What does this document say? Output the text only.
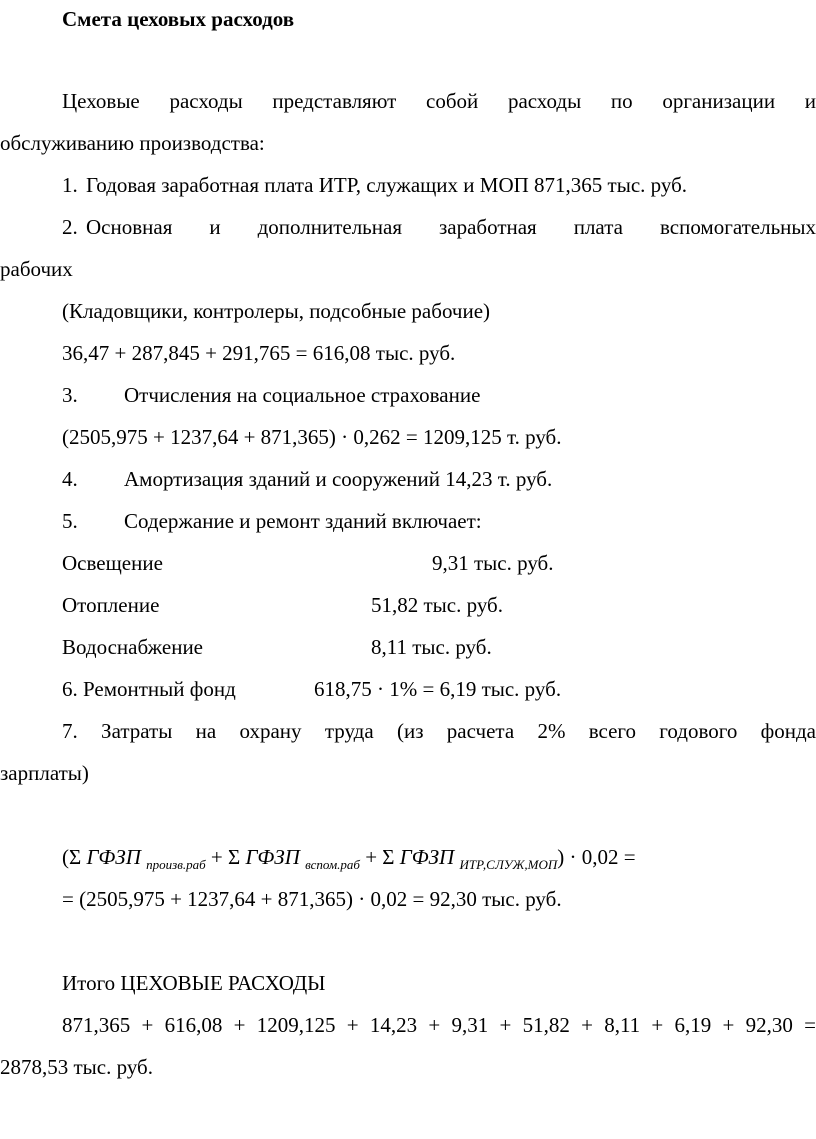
Смета цеховых расходов
Цеховые расходы представляют собой расходы по организации и
обслуживанию производства:
1. Годовая заработная плата ИТР, служащих и МОП 871,365 тыс. руб.
2. Основная и дополнительная заработная плата вспомогательных
рабочих
(Кладовщики, контролеры, подсобные рабочие)
36,47 + 287,845 + 291,765 = 616,08 тыс. руб.
3. Отчисления на социальное страхование
(2505,975 + 1237,64 + 871,365) · 0,262 = 1209,125 т. руб.
4. Амортизация зданий и сооружений 14,23 т. руб.
5. Содержание и ремонт зданий включает:
Освещение	9,31 тыс. руб.
Отопление	51,82 тыс. руб.
Водоснабжение	8,11 тыс. руб.
6. Ремонтный фонд	618,75 · 1% = 6,19 тыс. руб.
7. Затраты на охрану труда (из расчета 2% всего годового фонда
зарплаты)
(Σ ГФЗП $_{произв.раб}$ + Σ ГФЗП $_{вспом.раб}$ + Σ ГФЗП $_{ИТР,СЛУЖ,МОП}$) · 0,02 =
= (2505,975 + 1237,64 + 871,365) · 0,02 = 92,30 тыс. руб.
Итого ЦЕХОВЫЕ РАСХОДЫ
871,365 + 616,08 + 1209,125 + 14,23 + 9,31 + 51,82 + 8,11 + 6,19 + 92,30 =
2878,53 тыс. руб.
